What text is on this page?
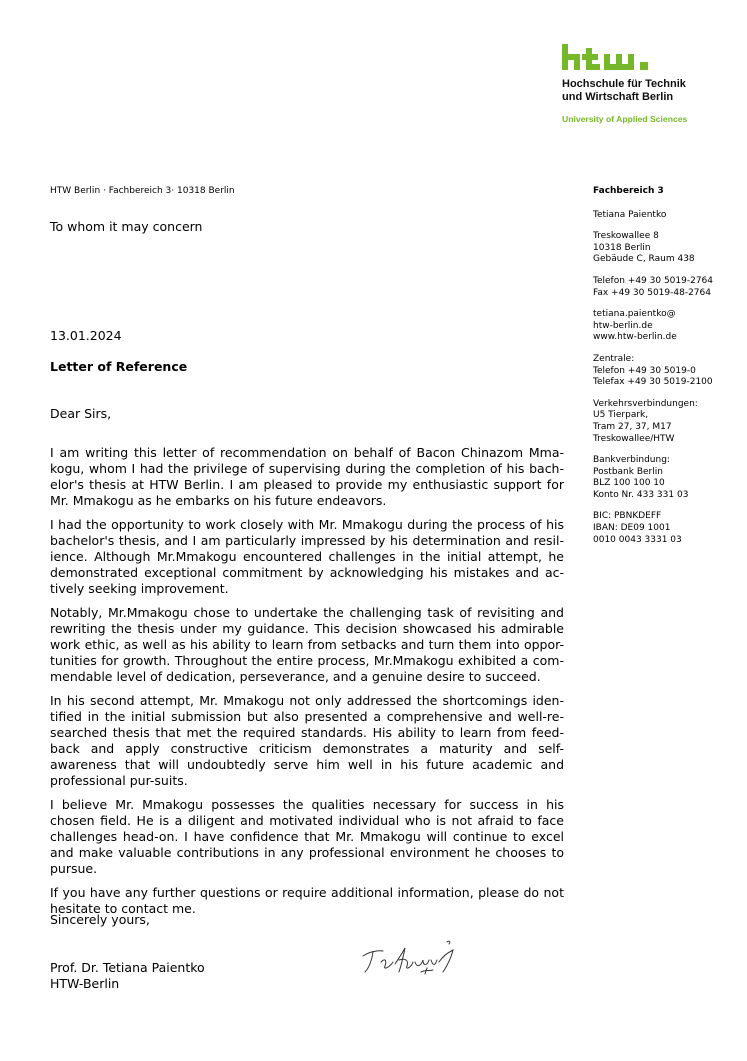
Hochschule für Technik
und Wirtschaft Berlin
University of Applied Sciences
HTW Berlin · Fachbereich 3· 10318 Berlin
To whom it may concern
13.01.2024
Letter of Reference
Dear Sirs,

I am writing this letter of recommendation on behalf of Bacon Chinazom Mma-kogu, whom I had the privilege of supervising during the completion of his bach-elor's thesis at HTW Berlin. I am pleased to provide my enthusiastic support for Mr. Mmakogu as he embarks on his future endeavors.

I had the opportunity to work closely with Mr. Mmakogu during the process of his bachelor's thesis, and I am particularly impressed by his determination and resil-ience. Although Mr.Mmakogu encountered challenges in the initial attempt, he demonstrated exceptional commitment by acknowledging his mistakes and ac-tively seeking improvement.

Notably, Mr.Mmakogu chose to undertake the challenging task of revisiting and rewriting the thesis under my guidance. This decision showcased his admirable work ethic, as well as his ability to learn from setbacks and turn them into oppor-tunities for growth. Throughout the entire process, Mr.Mmakogu exhibited a com-mendable level of dedication, perseverance, and a genuine desire to succeed.

In his second attempt, Mr. Mmakogu not only addressed the shortcomings iden-tified in the initial submission but also presented a comprehensive and well-re-searched thesis that met the required standards. His ability to learn from feed-back and apply constructive criticism demonstrates a maturity and self-awareness that will undoubtedly serve him well in his future academic and professional pur-suits.

I believe Mr. Mmakogu possesses the qualities necessary for success in his chosen field. He is a diligent and motivated individual who is not afraid to face challenges head-on. I have confidence that Mr. Mmakogu will continue to excel and make valuable contributions in any professional environment he chooses to pursue.

If you have any further questions or require additional information, please do not hesitate to contact me.

Sincerely yours,
Prof. Dr. Tetiana Paientko
HTW-Berlin
Fachbereich 3
Tetiana Paientko
Treskowallee 8
10318 Berlin
Gebäude C, Raum 438
Telefon +49 30 5019-2764
Fax +49 30 5019-48-2764
tetiana.paientko@
htw-berlin.de
www.htw-berlin.de
Zentrale:
Telefon +49 30 5019-0
Telefax +49 30 5019-2100
Verkehrsverbindungen:
U5 Tierpark,
Tram 27, 37, M17
Treskowallee/HTW
Bankverbindung:
Postbank Berlin
BLZ 100 100 10
Konto Nr. 433 331 03
BIC: PBNKDEFF
IBAN: DE09 1001
0010 0043 3331 03
